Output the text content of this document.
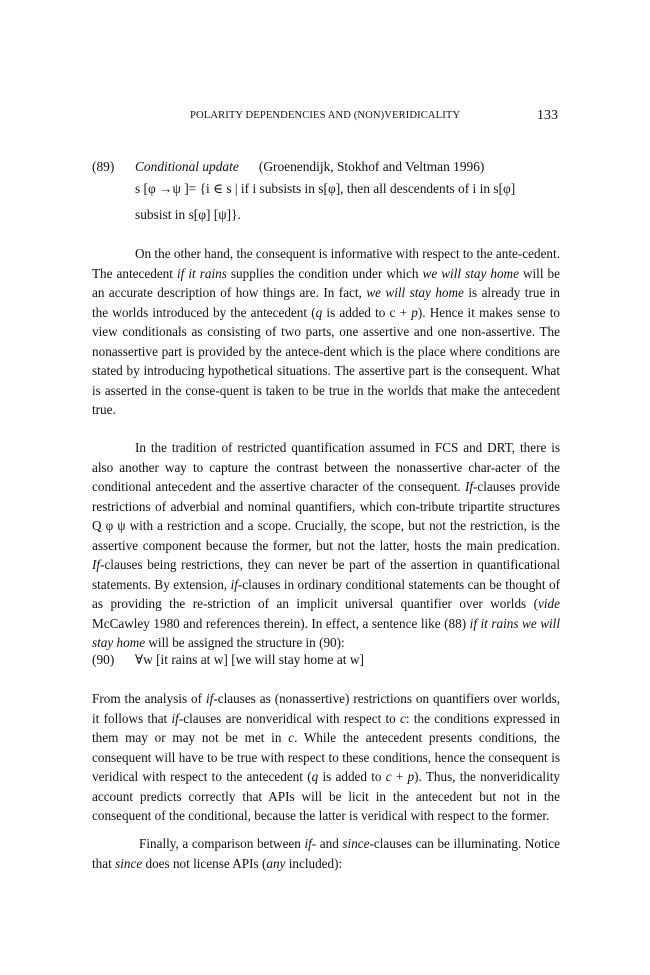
POLARITY DEPENDENCIES AND (NON)VERIDICALITY	133
(89) Conditional update (Groenendijk, Stokhof and Veltman 1996)
s [φ →ψ ]= {i ∈ s | if i subsists in s[φ], then all descendents of i in s[φ]
subsist in s[φ] [ψ]}.

On the other hand, the consequent is informative with respect to the ante-cedent. The antecedent if it rains supplies the condition under which we will stay home will be an accurate description of how things are. In fact, we will stay home is already true in the worlds introduced by the antecedent (q is added to c + p). Hence it makes sense to view conditionals as consisting of two parts, one assertive and one non-assertive. The nonassertive part is provided by the antece-dent which is the place where conditions are stated by introducing hypothetical situations. The assertive part is the consequent. What is asserted in the conse-quent is taken to be true in the worlds that make the antecedent true.

In the tradition of restricted quantification assumed in FCS and DRT, there is also another way to capture the contrast between the nonassertive char-acter of the conditional antecedent and the assertive character of the consequent. If-clauses provide restrictions of adverbial and nominal quantifiers, which con-tribute tripartite structures Q φ ψ with a restriction and a scope. Crucially, the scope, but not the restriction, is the assertive component because the former, but not the latter, hosts the main predication. If-clauses being restrictions, they can never be part of the assertion in quantificational statements. By extension, if-clauses in ordinary conditional statements can be thought of as providing the re-striction of an implicit universal quantifier over worlds (vide McCawley 1980 and references therein). In effect, a sentence like (88) if it rains we will stay home will be assigned the structure in (90):

(90) ∀w [it rains at w] [we will stay home at w]

From the analysis of if-clauses as (nonassertive) restrictions on quantifiers over worlds, it follows that if-clauses are nonveridical with respect to c: the conditions expressed in them may or may not be met in c. While the antecedent presents conditions, the consequent will have to be true with respect to these conditions, hence the consequent is veridical with respect to the antecedent (q is added to c + p). Thus, the nonveridicality account predicts correctly that APIs will be licit in the antecedent but not in the consequent of the conditional, because the latter is veridical with respect to the former.

Finally, a comparison between if- and since-clauses can be illuminating. Notice that since does not license APIs (any included):
